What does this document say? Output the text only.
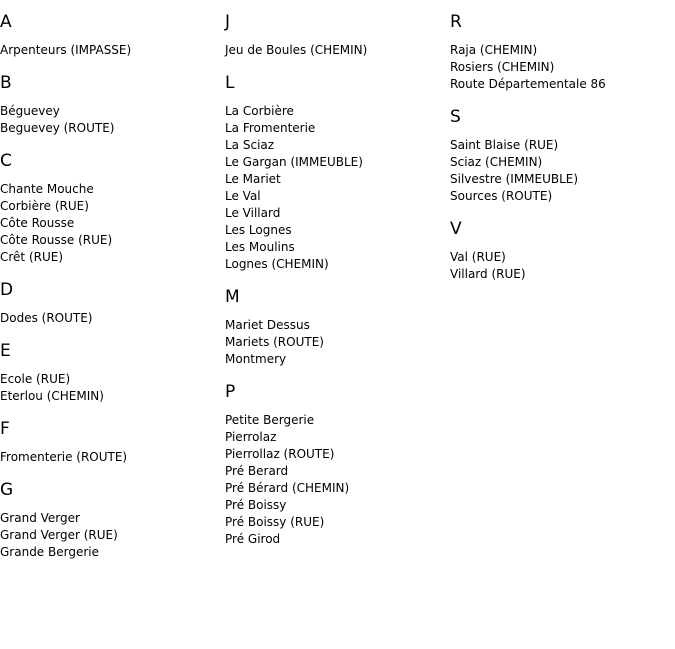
A
Arpenteurs (IMPASSE)
B
Béguevey
Beguevey (ROUTE)
C
Chante Mouche
Corbière (RUE)
Côte Rousse
Côte Rousse (RUE)
Crêt (RUE)
D
Dodes (ROUTE)
E
Ecole (RUE)
Eterlou (CHEMIN)
F
Fromenterie (ROUTE)
G
Grand Verger
Grand Verger (RUE)
Grande Bergerie
J
Jeu de Boules (CHEMIN)
L
La Corbière
La Fromenterie
La Sciaz
Le Gargan (IMMEUBLE)
Le Mariet
Le Val
Le Villard
Les Lognes
Les Moulins
Lognes (CHEMIN)
M
Mariet Dessus
Mariets (ROUTE)
Montmery
P
Petite Bergerie
Pierrolaz
Pierrollaz (ROUTE)
Pré Berard
Pré Bérard (CHEMIN)
Pré Boissy
Pré Boissy (RUE)
Pré Girod
R
Raja (CHEMIN)
Rosiers (CHEMIN)
Route Départementale 86
S
Saint Blaise (RUE)
Sciaz (CHEMIN)
Silvestre (IMMEUBLE)
Sources (ROUTE)
V
Val (RUE)
Villard (RUE)
